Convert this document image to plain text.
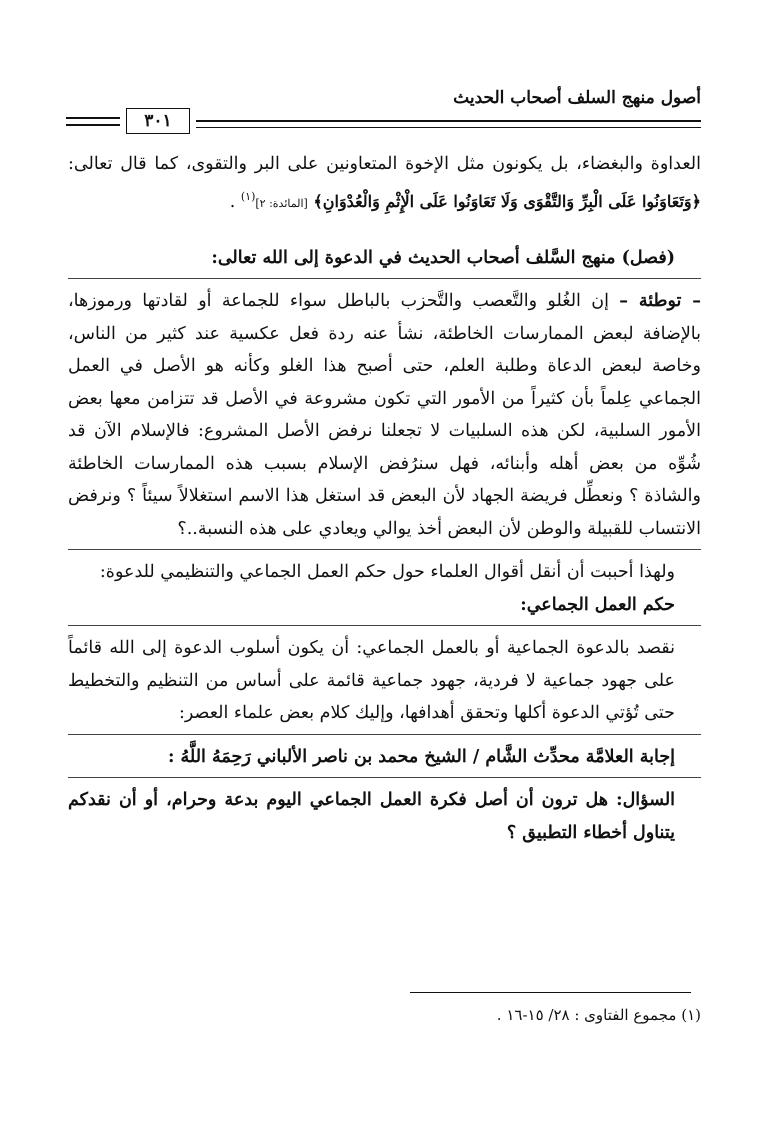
أصول منهج السلف أصحاب الحديث
٣٠١

العداوة والبغضاء، بل يكونون مثل الإخوة المتعاونين على البر والتقوى، كما قال تعالى: ﴿وَتَعَاوَنُوا عَلَى الْبِرِّ وَالتَّقْوَى وَلَا تَعَاوَنُوا عَلَى الْإِثْمِ وَالْعُدْوَانِ﴾ [المائدة: ٢]$^{(١)}$ .

(فصل) منهج السَّلف أصحاب الحديث في الدعوة إلى الله تعالى:

– توطئة – إن الغُلو والتَّعصب والتَّحزب بالباطل سواء للجماعة أو لقادتها ورموزها، بالإضافة لبعض الممارسات الخاطئة، نشأ عنه ردة فعل عكسية عند كثير من الناس، وخاصة لبعض الدعاة وطلبة العلم، حتى أصبح هذا الغلو وكأنه هو الأصل في العمل الجماعي عِلماً بأن كثيراً من الأمور التي تكون مشروعة في الأصل قد تتزامن معها بعض الأمور السلبية، لكن هذه السلبيات لا تجعلنا نرفض الأصل المشروع: فالإسلام الآن قد شُوِّه من بعض أهله وأبنائه، فهل سنرُفض الإسلام بسبب هذه الممارسات الخاطئة والشاذة ؟ ونعطِّل فريضة الجهاد لأن البعض قد استغل هذا الاسم استغلالاً سيئاً ؟ ونرفض الانتساب للقبيلة والوطن لأن البعض أخذ يوالي ويعادي على هذه النسبة..؟

ولهذا أحببت أن أنقل أقوال العلماء حول حكم العمل الجماعي والتنظيمي للدعوة:

حكم العمل الجماعي:

نقصد بالدعوة الجماعية أو بالعمل الجماعي: أن يكون أسلوب الدعوة إلى الله قائماً على جهود جماعية لا فردية، جهود جماعية قائمة على أساس من التنظيم والتخطيط حتى تُؤتي الدعوة أكلها وتحقق أهدافها، وإليك كلام بعض علماء العصر:

إجابة العلامَّة محدِّث الشَّام / الشيخ محمد بن ناصر الألباني رَحِمَهُ اللَّهُ :

السؤال: هل ترون أن أصل فكرة العمل الجماعي اليوم بدعة وحرام، أو أن نقدكم يتناول أخطاء التطبيق ؟

(١) مجموع الفتاوى : ٢٨/ ١٥-١٦ .
